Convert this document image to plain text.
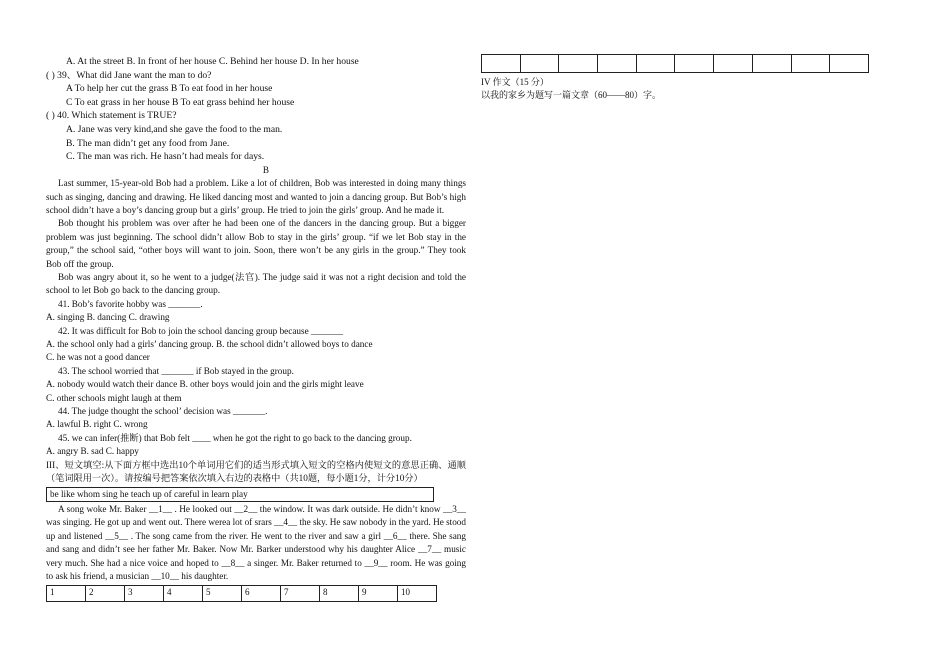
A. At the street B. In front of her house C. Behind her house D. In her house
( ) 39、What did Jane want the man to do?
A To help her cut the grass B To eat food in her house
C To eat grass in her house B To eat grass behind her house
( ) 40. Which statement is TRUE?
A. Jane was very kind,and she gave the food to the man.
B. The man didn’t get any food from Jane.
C. The man was rich. He hasn’t had meals for days.
B
Last summer, 15-year-old Bob had a problem. Like a lot of children, Bob was interested in doing many things such as singing, dancing and drawing. He liked dancing most and wanted to join a dancing group. But Bob’s high school didn’t have a boy’s dancing group but a girls’ group. He tried to join the girls’ group. And he made it.
Bob thought his problem was over after he had been one of the dancers in the dancing group. But a bigger problem was just beginning. The school didn’t allow Bob to stay in the girls’ group. “if we let Bob stay in the group,” the school said, “other boys will want to join. Soon, there won’t be any girls in the group.” They took Bob off the group.
Bob was angry about it, so he went to a judge(法官). The judge said it was not a right decision and told the school to let Bob go back to the dancing group.
41. Bob’s favorite hobby was _______.
A. singing B. dancing C. drawing
42. It was difficult for Bob to join the school dancing group because _______
A. the school only had a girls’ dancing group. B. the school didn’t allowed boys to dance
C. he was not a good dancer
43. The school worried that _______ if Bob stayed in the group.
A. nobody would watch their dance B. other boys would join and the girls might leave
C. other schools might laugh at them
44. The judge thought the school’ decision was _______.
A. lawful B. right C. wrong
45. we can infer(推断) that Bob felt ____ when he got the right to go back to the dancing group.
A. angry B. sad C. happy
III、短文填空:从下面方框中选出10个单词用它们的适当形式填入短文的空格内使短文的意思正确、通顺（笔词限用一次）。请按编号把答案依次填入右边的表格中（共10题，每小题1分，计分10分）
be like whom sing he teach up of careful in learn play
A song woke Mr. Baker __1__ . He looked out __2__ the window. It was dark outside. He didn’t know __3__ was singing. He got up and went out. There werea lot of srars __4__ the sky. He saw nobody in the yard. He stood up and listened __5__ . The song came from the river. He went to the river and saw a girl __6__ there. She sang and sang and didn’t see her father Mr. Baker. Now Mr. Barker understood why his daughter Alice __7__ music very much. She had a nice voice and hoped to __8__ a singer. Mr. Baker returned to __9__ room. He was going to ask his friend, a musician __10__ his daughter.
1	2	3	4	5	6	7	8	9	10

IV 作文（15 分）
以我的家乡为题写一篇文章（60——80）字。
